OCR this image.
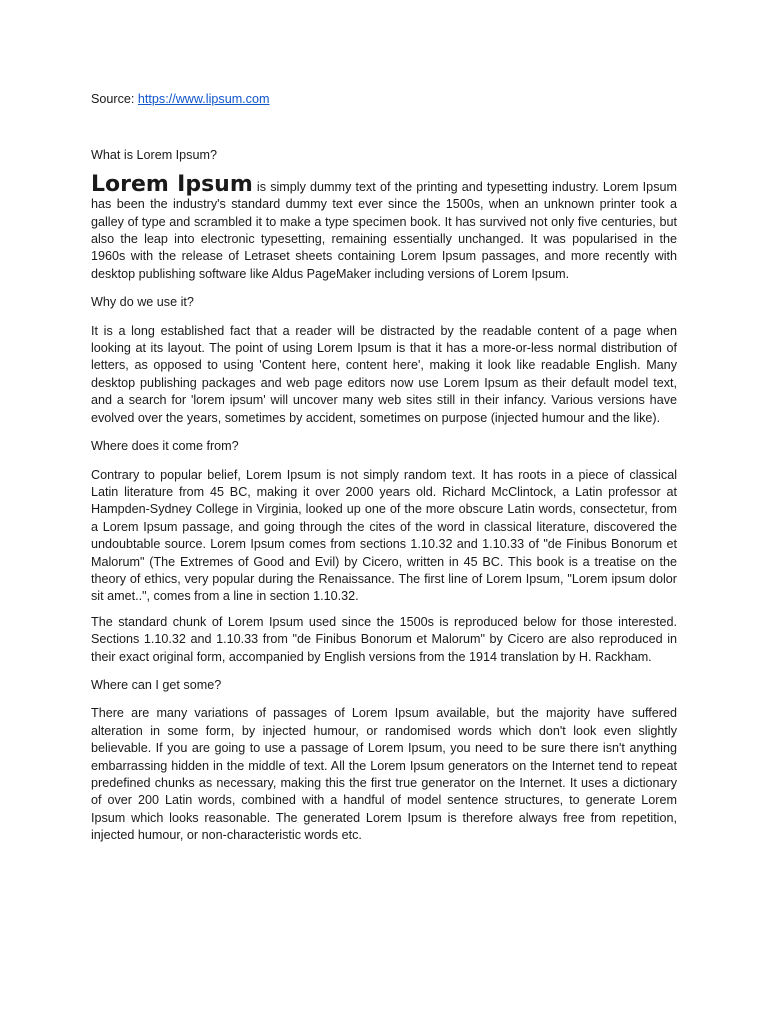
Source: https://www.lipsum.com

What is Lorem Ipsum?

Lorem Ipsum is simply dummy text of the printing and typesetting industry. Lorem Ipsum has been the industry's standard dummy text ever since the 1500s, when an unknown printer took a galley of type and scrambled it to make a type specimen book. It has survived not only five centuries, but also the leap into electronic typesetting, remaining essentially unchanged. It was popularised in the 1960s with the release of Letraset sheets containing Lorem Ipsum passages, and more recently with desktop publishing software like Aldus PageMaker including versions of Lorem Ipsum.

Why do we use it?

It is a long established fact that a reader will be distracted by the readable content of a page when looking at its layout. The point of using Lorem Ipsum is that it has a more-or-less normal distribution of letters, as opposed to using 'Content here, content here', making it look like readable English. Many desktop publishing packages and web page editors now use Lorem Ipsum as their default model text, and a search for 'lorem ipsum' will uncover many web sites still in their infancy. Various versions have evolved over the years, sometimes by accident, sometimes on purpose (injected humour and the like).

Where does it come from?

Contrary to popular belief, Lorem Ipsum is not simply random text. It has roots in a piece of classical Latin literature from 45 BC, making it over 2000 years old. Richard McClintock, a Latin professor at Hampden-Sydney College in Virginia, looked up one of the more obscure Latin words, consectetur, from a Lorem Ipsum passage, and going through the cites of the word in classical literature, discovered the undoubtable source. Lorem Ipsum comes from sections 1.10.32 and 1.10.33 of "de Finibus Bonorum et Malorum" (The Extremes of Good and Evil) by Cicero, written in 45 BC. This book is a treatise on the theory of ethics, very popular during the Renaissance. The first line of Lorem Ipsum, "Lorem ipsum dolor sit amet..", comes from a line in section 1.10.32.

The standard chunk of Lorem Ipsum used since the 1500s is reproduced below for those interested. Sections 1.10.32 and 1.10.33 from "de Finibus Bonorum et Malorum" by Cicero are also reproduced in their exact original form, accompanied by English versions from the 1914 translation by H. Rackham.

Where can I get some?

There are many variations of passages of Lorem Ipsum available, but the majority have suffered alteration in some form, by injected humour, or randomised words which don't look even slightly believable. If you are going to use a passage of Lorem Ipsum, you need to be sure there isn't anything embarrassing hidden in the middle of text. All the Lorem Ipsum generators on the Internet tend to repeat predefined chunks as necessary, making this the first true generator on the Internet. It uses a dictionary of over 200 Latin words, combined with a handful of model sentence structures, to generate Lorem Ipsum which looks reasonable. The generated Lorem Ipsum is therefore always free from repetition, injected humour, or non-characteristic words etc.
